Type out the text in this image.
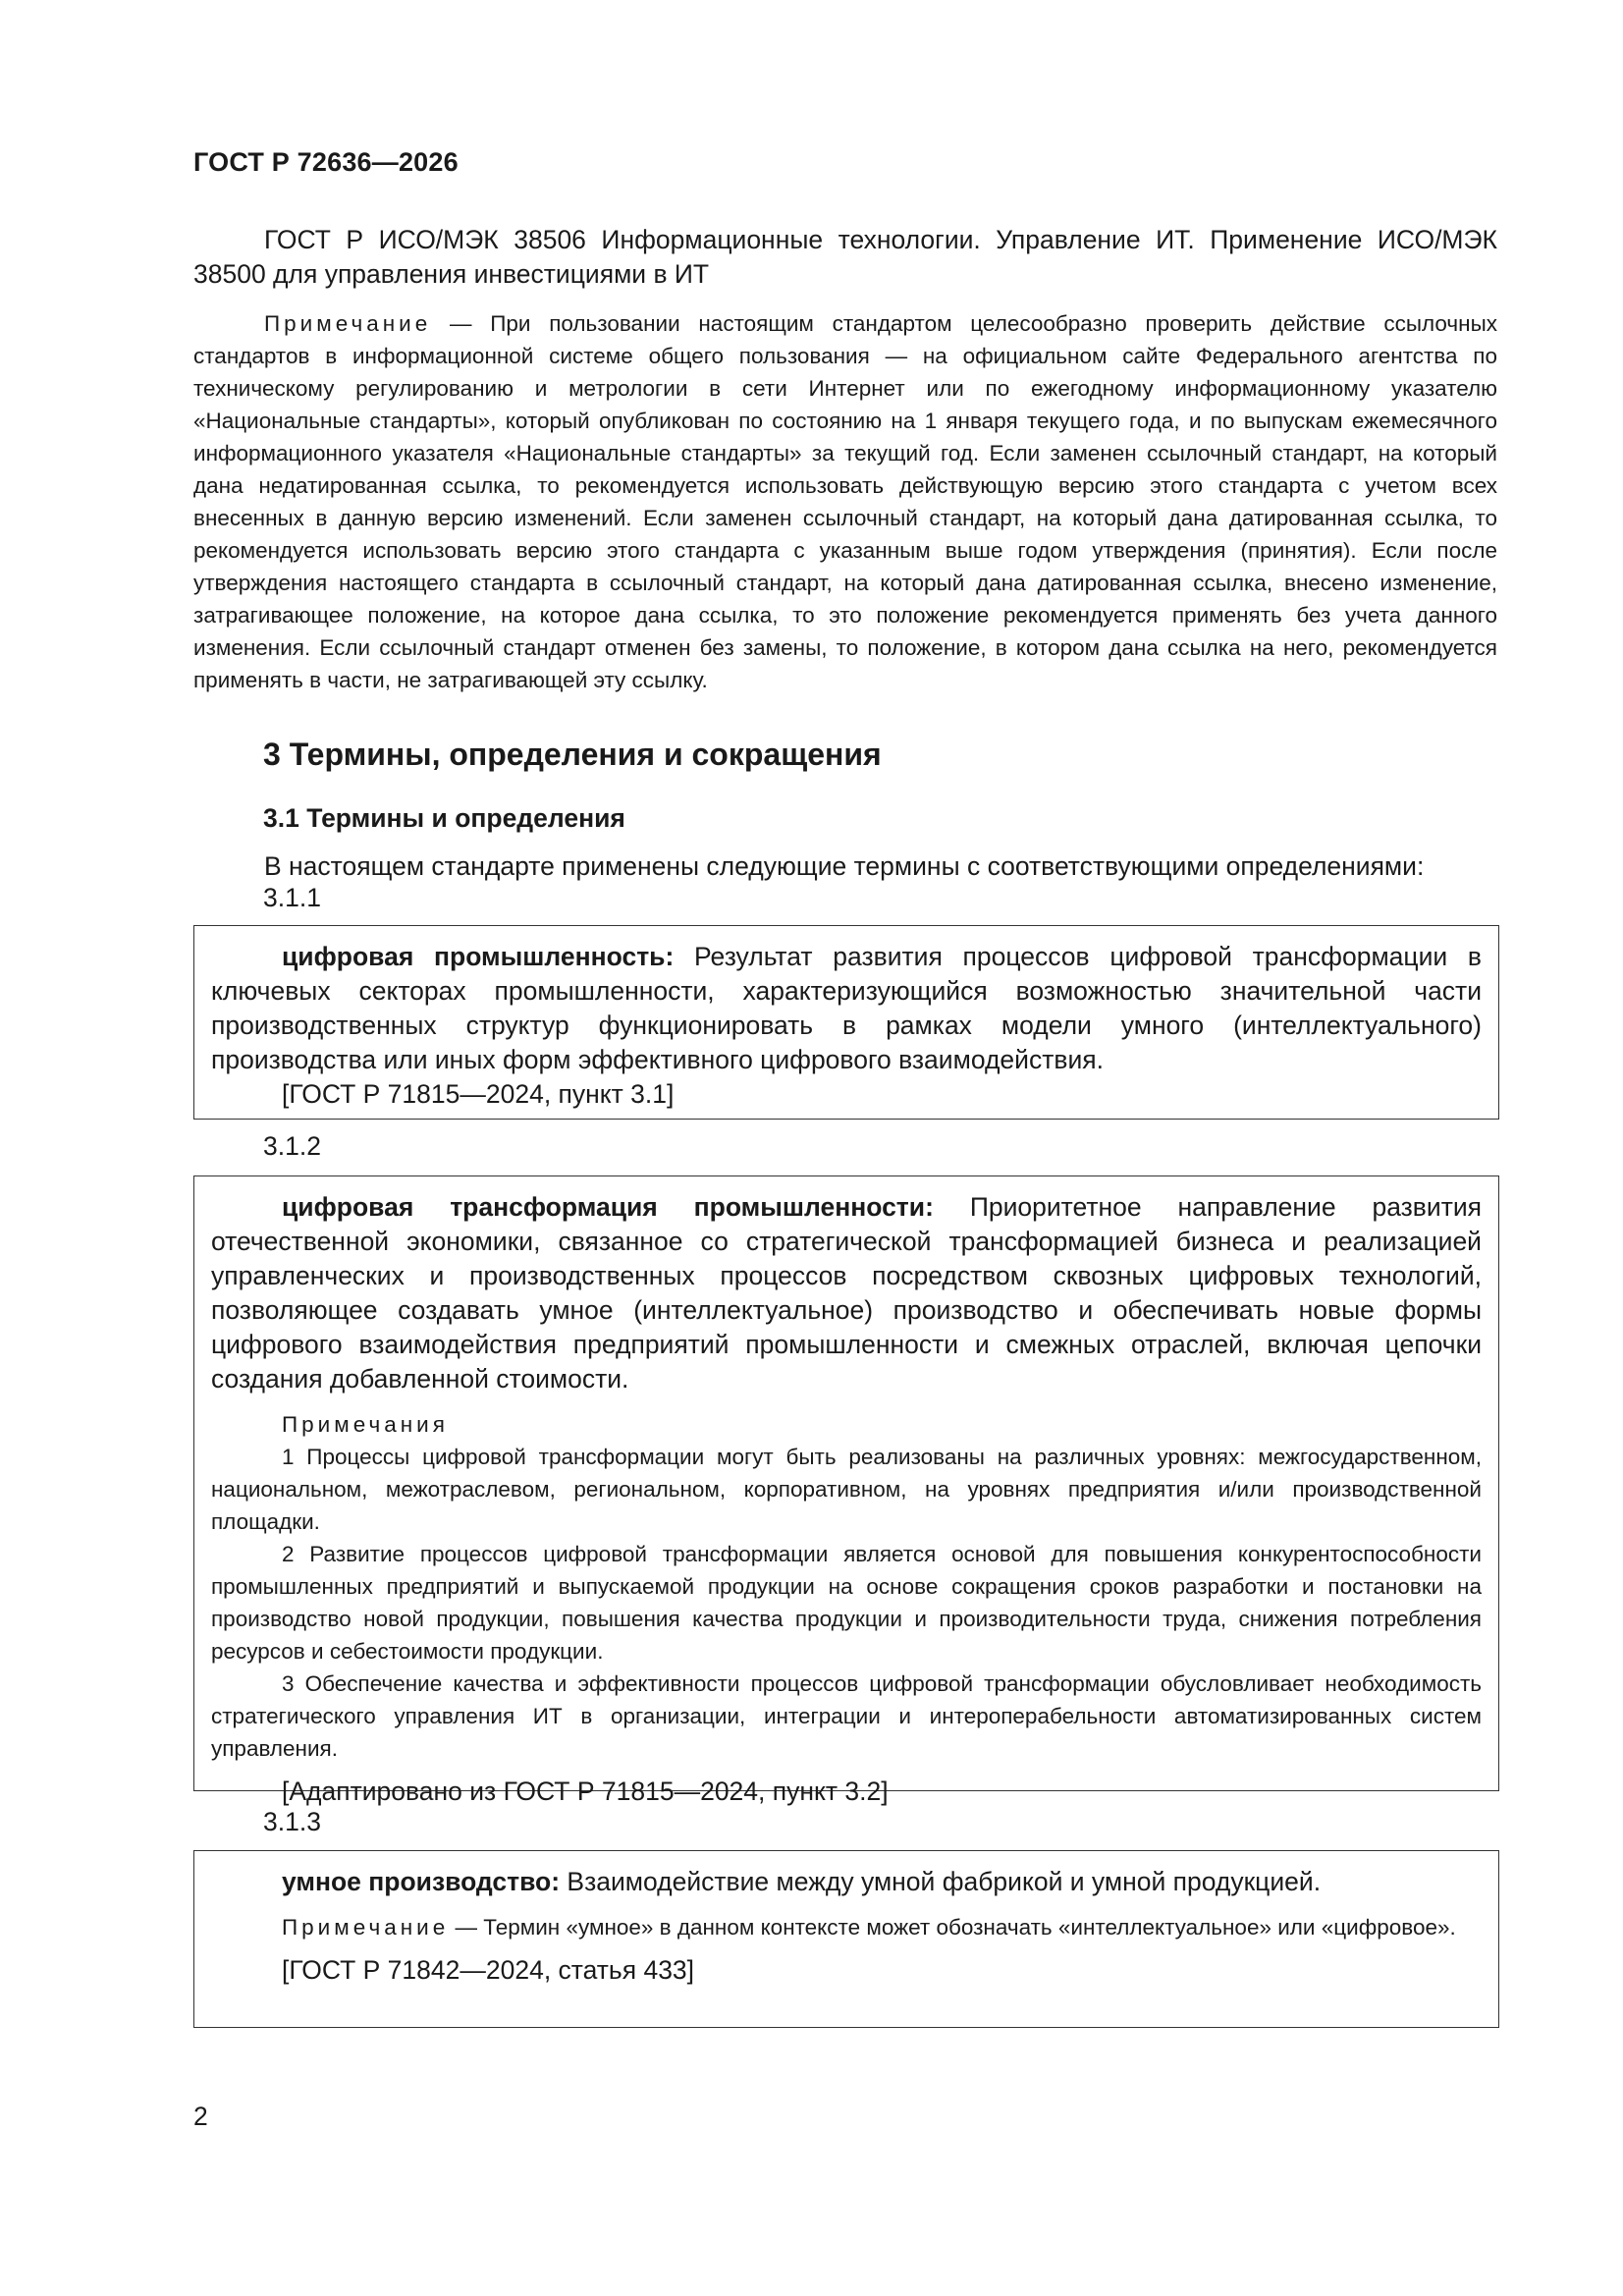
ГОСТ Р 72636—2026

ГОСТ Р ИСО/МЭК 38506 Информационные технологии. Управление ИТ. Применение ИСО/МЭК 38500 для управления инвестициями в ИТ

Примечание — При пользовании настоящим стандартом целесообразно проверить действие ссылочных стандартов в информационной системе общего пользования — на официальном сайте Федерального агентства по техническому регулированию и метрологии в сети Интернет или по ежегодному информационному указателю «Национальные стандарты», который опубликован по состоянию на 1 января текущего года, и по выпускам ежемесячного информационного указателя «Национальные стандарты» за текущий год. Если заменен ссылочный стандарт, на который дана недатированная ссылка, то рекомендуется использовать действующую версию этого стандарта с учетом всех внесенных в данную версию изменений. Если заменен ссылочный стандарт, на который дана датированная ссылка, то рекомендуется использовать версию этого стандарта с указанным выше годом утверждения (принятия). Если после утверждения настоящего стандарта в ссылочный стандарт, на который дана датированная ссылка, внесено изменение, затрагивающее положение, на которое дана ссылка, то это положение рекомендуется применять без учета данного изменения. Если ссылочный стандарт отменен без замены, то положение, в котором дана ссылка на него, рекомендуется применять в части, не затрагивающей эту ссылку.

3 Термины, определения и сокращения
3.1 Термины и определения

В настоящем стандарте применены следующие термины с соответствующими определениями:

3.1.1

цифровая промышленность: Результат развития процессов цифровой трансформации в ключевых секторах промышленности, характеризующийся возможностью значительной части производственных структур функционировать в рамках модели умного (интеллектуального) производства или иных форм эффективного цифрового взаимодействия.

[ГОСТ Р 71815—2024, пункт 3.1]

3.1.2

цифровая трансформация промышленности: Приоритетное направление развития отечественной экономики, связанное со стратегической трансформацией бизнеса и реализацией управленческих и производственных процессов посредством сквозных цифровых технологий, позволяющее создавать умное (интеллектуальное) производство и обеспечивать новые формы цифрового взаимодействия предприятий промышленности и смежных отраслей, включая цепочки создания добавленной стоимости.

Примечания

1 Процессы цифровой трансформации могут быть реализованы на различных уровнях: межгосударственном, национальном, межотраслевом, региональном, корпоративном, на уровнях предприятия и/или производственной площадки.

2 Развитие процессов цифровой трансформации является основой для повышения конкурентоспособности промышленных предприятий и выпускаемой продукции на основе сокращения сроков разработки и постановки на производство новой продукции, повышения качества продукции и производительности труда, снижения потребления ресурсов и себестоимости продукции.

3 Обеспечение качества и эффективности процессов цифровой трансформации обусловливает необходимость стратегического управления ИТ в организации, интеграции и интероперабельности автоматизированных систем управления.

[Адаптировано из ГОСТ Р 71815—2024, пункт 3.2]

3.1.3

умное производство: Взаимодействие между умной фабрикой и умной продукцией.

Примечание — Термин «умное» в данном контексте может обозначать «интеллектуальное» или «цифровое».

[ГОСТ Р 71842—2024, статья 433]

2
